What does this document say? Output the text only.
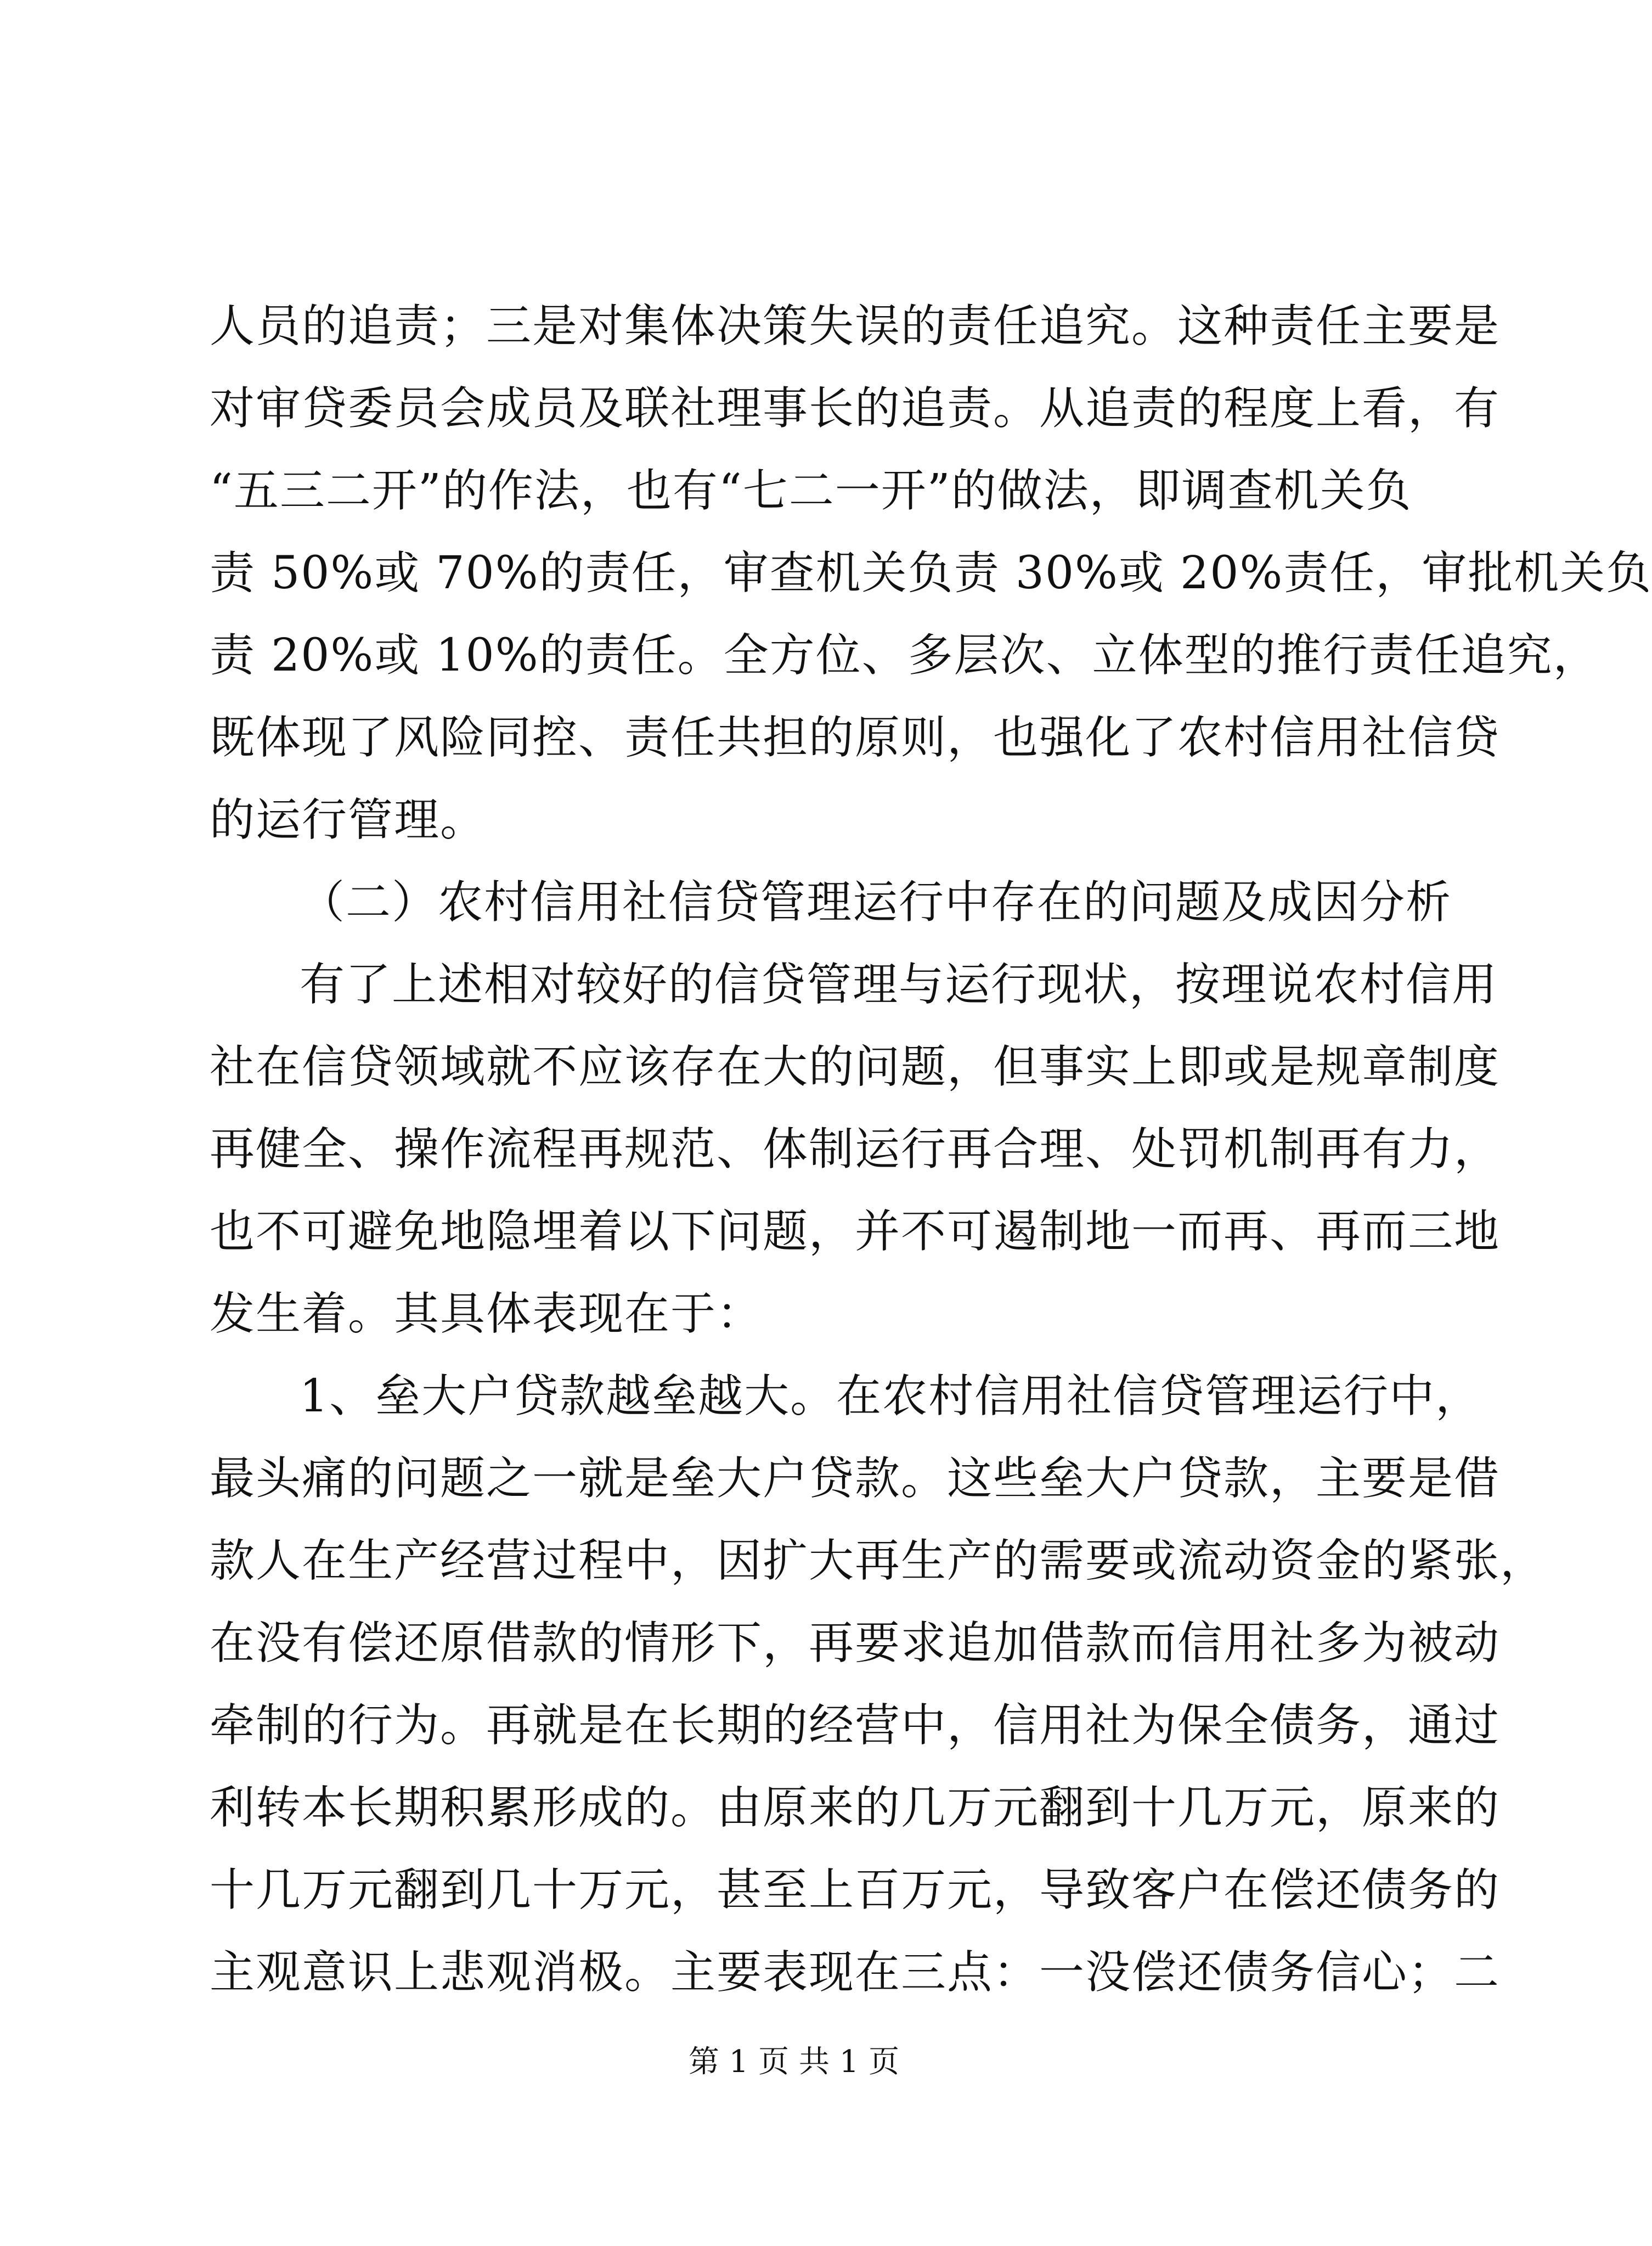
人员的追责；三是对集体决策失误的责任追究。这种责任主要是
对审贷委员会成员及联社理事长的追责。从追责的程度上看，有
“五三二开”的作法，也有“七二一开”的做法，即调查机关负
责 50%或 70%的责任，审查机关负责 30%或 20%责任，审批机关负
责 20%或 10%的责任。全方位、多层次、立体型的推行责任追究，
既体现了风险同控、责任共担的原则，也强化了农村信用社信贷
的运行管理。
（二）农村信用社信贷管理运行中存在的问题及成因分析
有了上述相对较好的信贷管理与运行现状，按理说农村信用
社在信贷领域就不应该存在大的问题，但事实上即或是规章制度
再健全、操作流程再规范、体制运行再合理、处罚机制再有力，
也不可避免地隐埋着以下问题，并不可遏制地一而再、再而三地
发生着。其具体表现在于：
1、垒大户贷款越垒越大。在农村信用社信贷管理运行中，
最头痛的问题之一就是垒大户贷款。这些垒大户贷款，主要是借
款人在生产经营过程中，因扩大再生产的需要或流动资金的紧张，
在没有偿还原借款的情形下，再要求追加借款而信用社多为被动
牵制的行为。再就是在长期的经营中，信用社为保全债务，通过
利转本长期积累形成的。由原来的几万元翻到十几万元，原来的
十几万元翻到几十万元，甚至上百万元，导致客户在偿还债务的
主观意识上悲观消极。主要表现在三点：一没偿还债务信心；二
第 1 页 共 1 页
